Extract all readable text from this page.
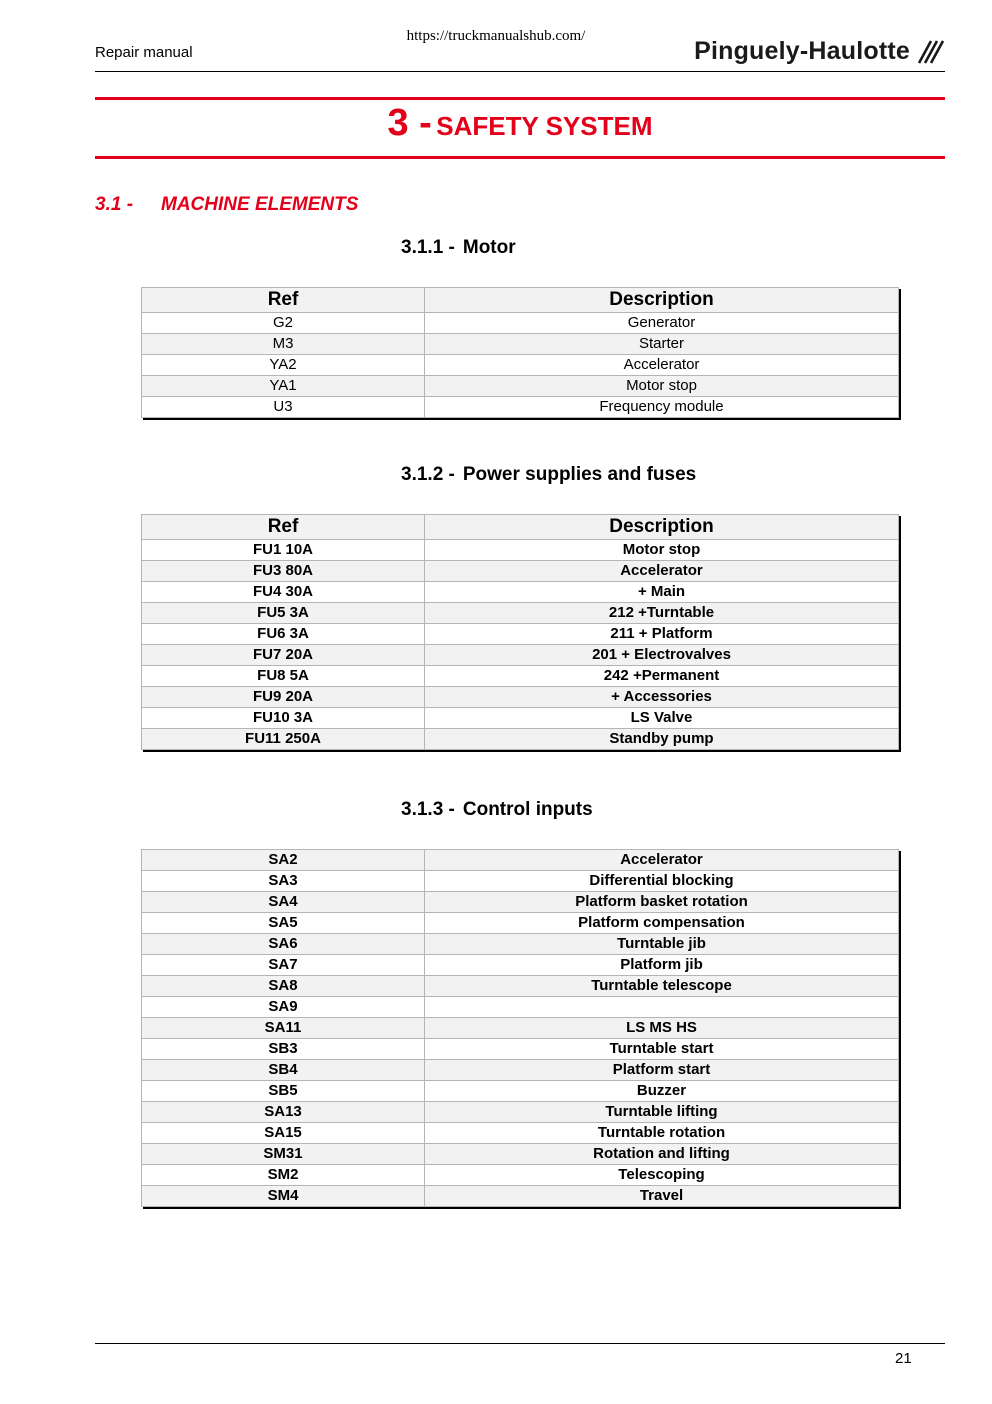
Repair manual
https://truckmanualshub.com/
Pinguely-Haulotte
3 - SAFETY SYSTEM
3.1 - MACHINE ELEMENTS
3.1.1 - Motor
Ref	Description
G2	Generator
M3	Starter
YA2	Accelerator
YA1	Motor stop
U3	Frequency module
3.1.2 - Power supplies and fuses
Ref	Description
FU1 10A	Motor stop
FU3 80A	Accelerator
FU4 30A	+ Main
FU5 3A	212 +Turntable
FU6 3A	211 + Platform
FU7 20A	201 + Electrovalves
FU8 5A	242 +Permanent
FU9 20A	+ Accessories
FU10 3A	LS Valve
FU11 250A	Standby pump
3.1.3 - Control inputs
SA2	Accelerator
SA3	Differential blocking
SA4	Platform basket rotation
SA5	Platform compensation
SA6	Turntable jib
SA7	Platform jib
SA8	Turntable telescope
SA9	
SA11	LS MS HS
SB3	Turntable start
SB4	Platform start
SB5	Buzzer
SA13	Turntable lifting
SA15	Turntable rotation
SM31	Rotation and lifting
SM2	Telescoping
SM4	Travel
21
